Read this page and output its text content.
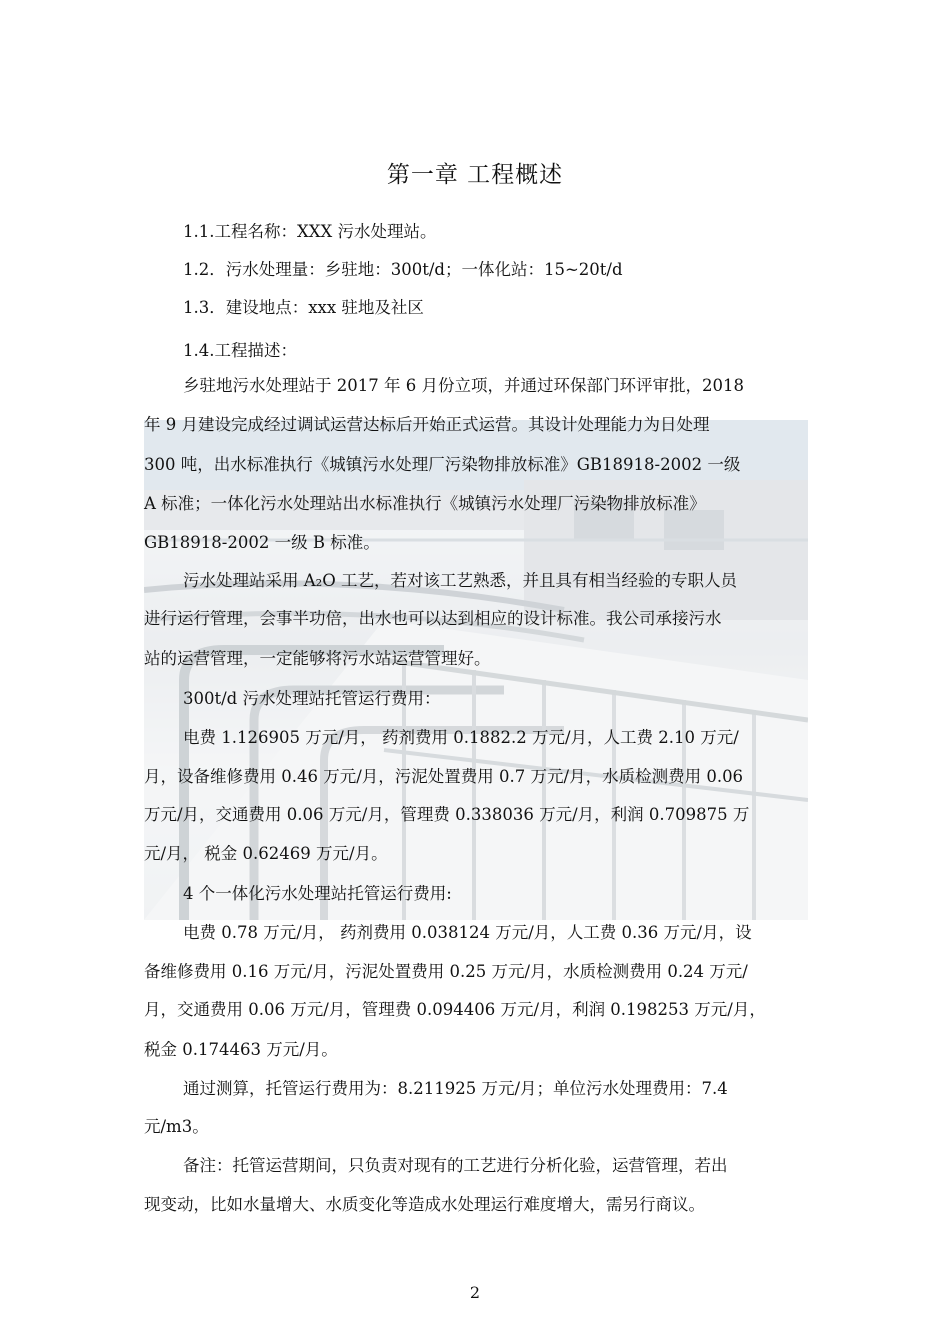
第一章 工程概述
1.1.工程名称：XXX 污水处理站。
1.2．污水处理量：乡驻地：300t/d；一体化站：15~20t/d
1.3．建设地点：xxx 驻地及社区
1.4.工程描述：
乡驻地污水处理站于 2017 年 6 月份立项，并通过环保部门环评审批，2018
年 9 月建设完成经过调试运营达标后开始正式运营。其设计处理能力为日处理
300 吨，出水标准执行《城镇污水处理厂污染物排放标准》GB18918-2002 一级
A 标准；一体化污水处理站出水标准执行《城镇污水处理厂污染物排放标准》
GB18918-2002 一级 B 标准。
污水处理站采用 A₂O 工艺，若对该工艺熟悉，并且具有相当经验的专职人员
进行运行管理，会事半功倍，出水也可以达到相应的设计标准。我公司承接污水
站的运营管理，一定能够将污水站运营管理好。
300t/d 污水处理站托管运行费用：
电费 1.126905 万元/月， 药剂费用 0.1882.2 万元/月，人工费 2.10 万元/
月，设备维修费用 0.46 万元/月，污泥处置费用 0.7 万元/月，水质检测费用 0.06
万元/月，交通费用 0.06 万元/月，管理费 0.338036 万元/月，利润 0.709875 万
元/月， 税金 0.62469 万元/月。
4 个一体化污水处理站托管运行费用:
电费 0.78 万元/月， 药剂费用 0.038124 万元/月，人工费 0.36 万元/月，设
备维修费用 0.16 万元/月，污泥处置费用 0.25 万元/月，水质检测费用 0.24 万元/
月，交通费用 0.06 万元/月，管理费 0.094406 万元/月，利润 0.198253 万元/月，
税金 0.174463 万元/月。
通过测算，托管运行费用为：8.211925 万元/月；单位污水处理费用：7.4
元/m3。
备注：托管运营期间，只负责对现有的工艺进行分析化验，运营管理，若出
现变动，比如水量增大、水质变化等造成水处理运行难度增大，需另行商议。
2
